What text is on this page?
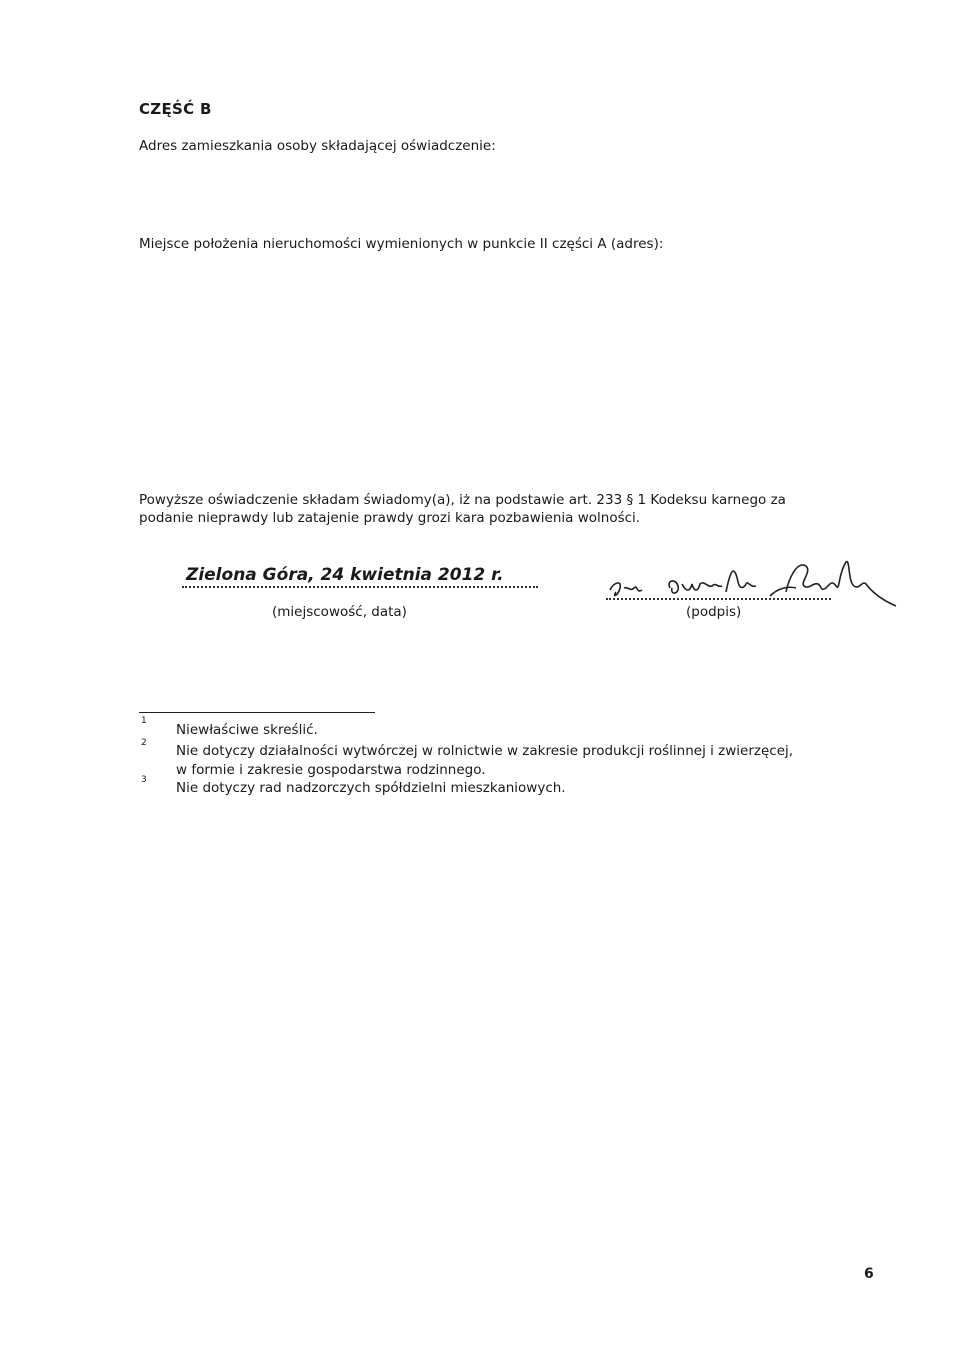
CZĘŚĆ B
Adres zamieszkania osoby składającej oświadczenie:
Miejsce położenia nieruchomości wymienionych w punkcie II części A (adres):
Powyższe oświadczenie składam świadomy(a), iż na podstawie art. 233 § 1 Kodeksu karnego za
podanie nieprawdy lub zatajenie prawdy grozi kara pozbawienia wolności.
Zielona Góra, 24 kwietnia 2012 r.
(miejscowość, data)	(podpis)
1
Niewłaściwe skreślić.
2 Nie dotyczy działalności wytwórczej w rolnictwie w zakresie produkcji roślinnej i zwierzęcej,
w formie i zakresie gospodarstwa rodzinnego.
3 Nie dotyczy rad nadzorczych spółdzielni mieszkaniowych.
6
